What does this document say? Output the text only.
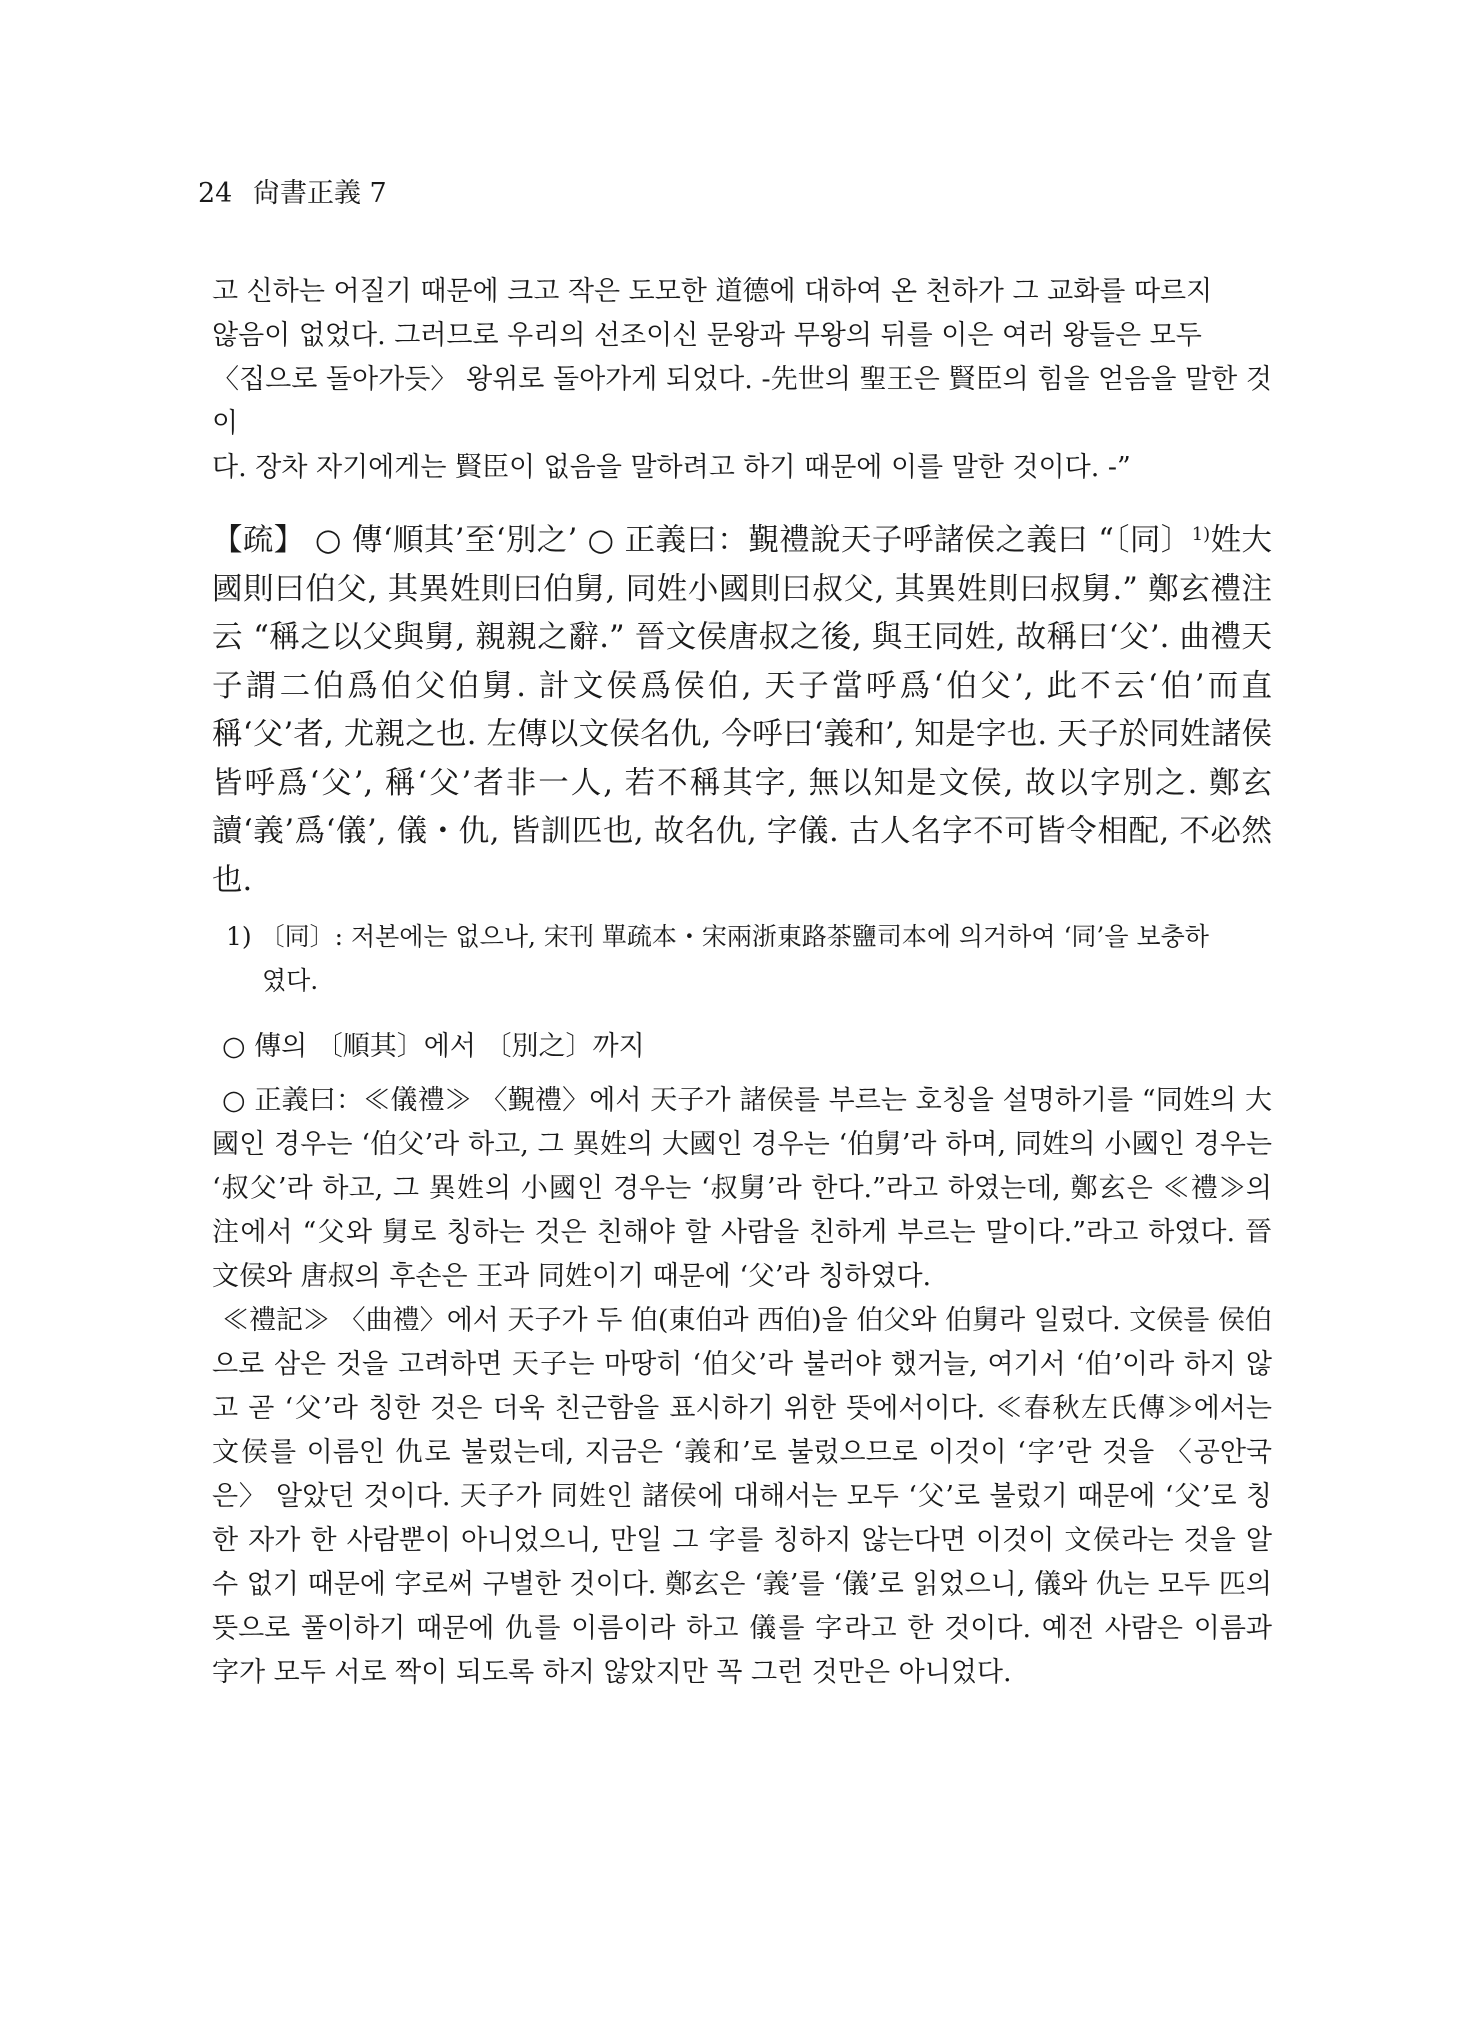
24 尙書正義 7

고 신하는 어질기 때문에 크고 작은 도모한 道德에 대하여 온 천하가 그 교화를 따르지

않음이 없었다. 그러므로 우리의 선조이신 문왕과 무왕의 뒤를 이은 여러 왕들은 모두

〈집으로 돌아가듯〉 왕위로 돌아가게 되었다. -先世의 聖王은 賢臣의 힘을 얻음을 말한 것이

다. 장차 자기에게는 賢臣이 없음을 말하려고 하기 때문에 이를 말한 것이다. -”

【疏】 ○ 傳‘順其’至‘別之’ ○ 正義曰：覲禮說天子呼諸侯之義曰 “〔同〕$^{1)}$姓大國則曰伯父, 其異姓則曰伯舅, 同姓小國則曰叔父, 其異姓則曰叔舅.” 鄭玄禮注云 “稱之以父與舅, 親親之辭.” 晉文侯唐叔之後, 與王同姓, 故稱曰‘父’. 曲禮天子謂二伯爲伯父伯舅. 計文侯爲侯伯, 天子當呼爲‘伯父’, 此不云‘伯’而直稱‘父’者, 尤親之也. 左傳以文侯名仇, 今呼曰‘義和’, 知是字也. 天子於同姓諸侯皆呼爲‘父’, 稱‘父’者非一人, 若不稱其字, 無以知是文侯, 故以字別之. 鄭玄讀‘義’爲‘儀’, 儀・仇, 皆訓匹也, 故名仇, 字儀. 古人名字不可皆令相配, 不必然也.

1) 〔同〕: 저본에는 없으나, 宋刊 單疏本・宋兩浙東路茶鹽司本에 의거하여 ‘同’을 보충하
였다.

○ 傳의 〔順其〕에서 〔別之〕까지

○ 正義曰：≪儀禮≫ 〈覲禮〉에서 天子가 諸侯를 부르는 호칭을 설명하기를 “同姓의 大國인 경우는 ‘伯父’라 하고, 그 異姓의 大國인 경우는 ‘伯舅’라 하며, 同姓의 小國인 경우는 ‘叔父’라 하고, 그 異姓의 小國인 경우는 ‘叔舅’라 한다.”라고 하였는데, 鄭玄은 ≪禮≫의 注에서 “父와 舅로 칭하는 것은 친해야 할 사람을 친하게 부르는 말이다.”라고 하였다. 晉 文侯와 唐叔의 후손은 王과 同姓이기 때문에 ‘父’라 칭하였다.

≪禮記≫ 〈曲禮〉에서 天子가 두 伯(東伯과 西伯)을 伯父와 伯舅라 일렀다. 文侯를 侯伯으로 삼은 것을 고려하면 天子는 마땅히 ‘伯父’라 불러야 했거늘, 여기서 ‘伯’이라 하지 않고 곧 ‘父’라 칭한 것은 더욱 친근함을 표시하기 위한 뜻에서이다. ≪春秋左氏傳≫에서는 文侯를 이름인 仇로 불렀는데, 지금은 ‘義和’로 불렀으므로 이것이 ‘字’란 것을 〈공안국은〉 알았던 것이다. 天子가 同姓인 諸侯에 대해서는 모두 ‘父’로 불렀기 때문에 ‘父’로 칭한 자가 한 사람뿐이 아니었으니, 만일 그 字를 칭하지 않는다면 이것이 文侯라는 것을 알 수 없기 때문에 字로써 구별한 것이다. 鄭玄은 ‘義’를 ‘儀’로 읽었으니, 儀와 仇는 모두 匹의 뜻으로 풀이하기 때문에 仇를 이름이라 하고 儀를 字라고 한 것이다. 예전 사람은 이름과 字가 모두 서로 짝이 되도록 하지 않았지만 꼭 그런 것만은 아니었다.
